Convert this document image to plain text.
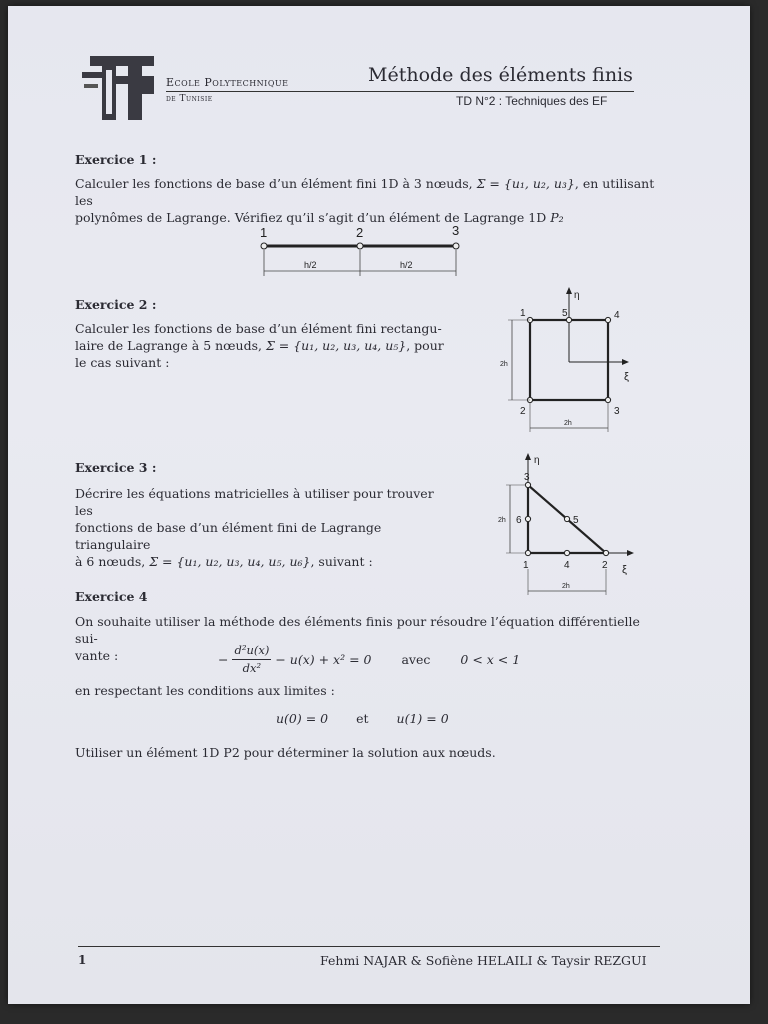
Ecole Polytechnique
de Tunisie
Méthode des éléments finis
TD N°2 : Techniques des EF
Exercice 1 :
Calculer les fonctions de base d’un élément fini 1D à 3 nœuds, Σ = {u₁, u₂, u₃}, en utilisant les
polynômes de Lagrange. Vérifiez qu’il s’agit d’un élément de Lagrange 1D P₂
1	2	3
h/2	h/2
Exercice 2 :
Calculer les fonctions de base d’un élément fini rectangu-
laire de Lagrange à 5 nœuds, Σ = {u₁, u₂, u₃, u₄, u₅}, pour
le cas suivant :
η
ξ
1
2	3
4
5
2h
2h
Exercice 3 :
Décrire les équations matricielles à utiliser pour trouver les
fonctions de base d’un élément fini de Lagrange triangulaire
à 6 nœuds, Σ = {u₁, u₂, u₃, u₄, u₅, u₆}, suivant :
η
ξ
1	2
3
4
5
6
2h
2h
Exercice 4
On souhaite utiliser la méthode des éléments finis pour résoudre l’équation différentielle sui-
vante :	− $\frac{\text{d²u(x)}}{\text{dx²}} - u(x) + x^2 = 0$ avec 0 < x < 1
en respectant les conditions aux limites :
u(0) = 0 et u(1) = 0
Utiliser un élément 1D P2 pour déterminer la solution aux nœuds.
1	Fehmi NAJAR & Sofiène HELAILI & Taysir REZGUI
